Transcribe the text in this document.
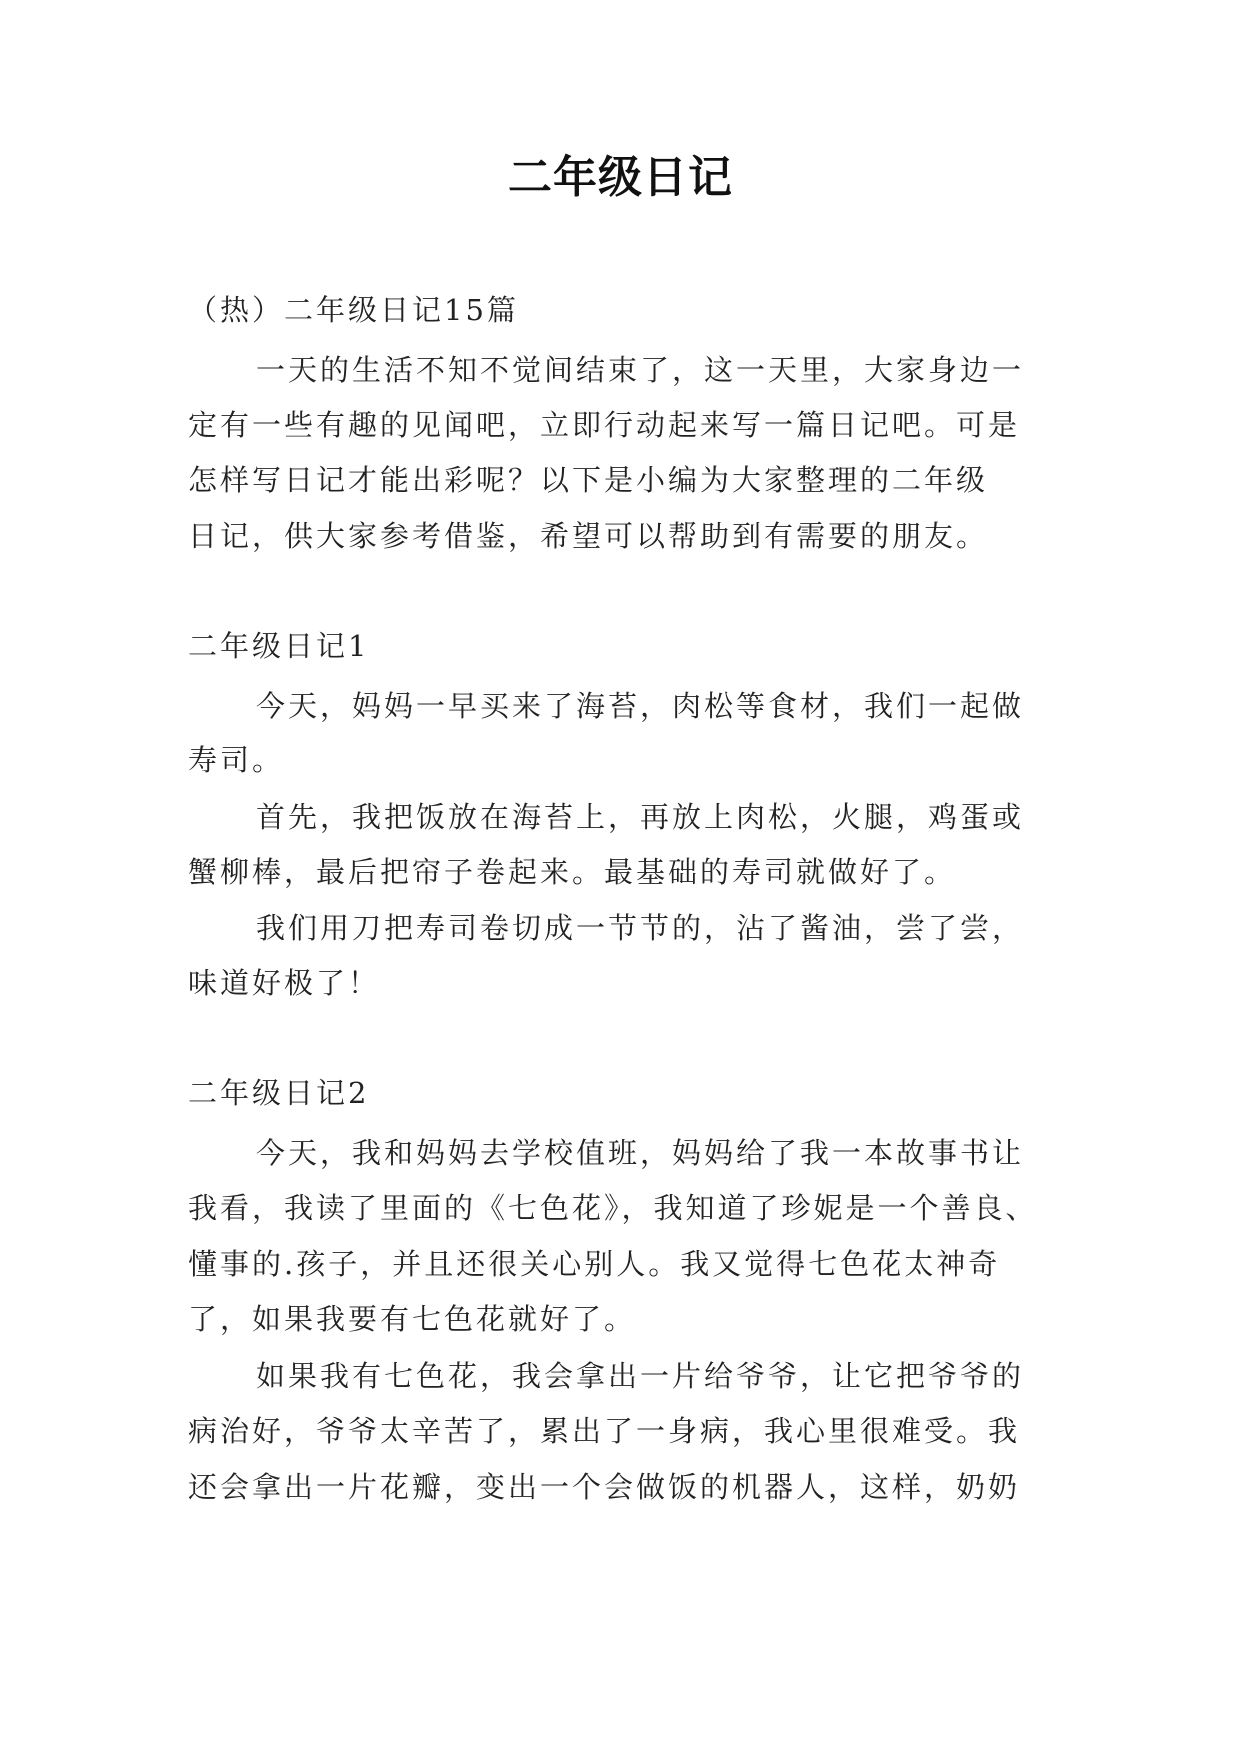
二年级日记
（热）二年级日记15篇
一天的生活不知不觉间结束了，这一天里，大家身边一
定有一些有趣的见闻吧，立即行动起来写一篇日记吧。可是
怎样写日记才能出彩呢？以下是小编为大家整理的二年级
日记，供大家参考借鉴，希望可以帮助到有需要的朋友。
二年级日记1
今天，妈妈一早买来了海苔，肉松等食材，我们一起做
寿司。
首先，我把饭放在海苔上，再放上肉松，火腿，鸡蛋或
蟹柳棒，最后把帘子卷起来。最基础的寿司就做好了。
我们用刀把寿司卷切成一节节的，沾了酱油，尝了尝，
味道好极了！
二年级日记2
今天，我和妈妈去学校值班，妈妈给了我一本故事书让
我看，我读了里面的《七色花》，我知道了珍妮是一个善良、
懂事的.孩子，并且还很关心别人。我又觉得七色花太神奇
了，如果我要有七色花就好了。
如果我有七色花，我会拿出一片给爷爷，让它把爷爷的
病治好，爷爷太辛苦了，累出了一身病，我心里很难受。我
还会拿出一片花瓣，变出一个会做饭的机器人，这样，奶奶
